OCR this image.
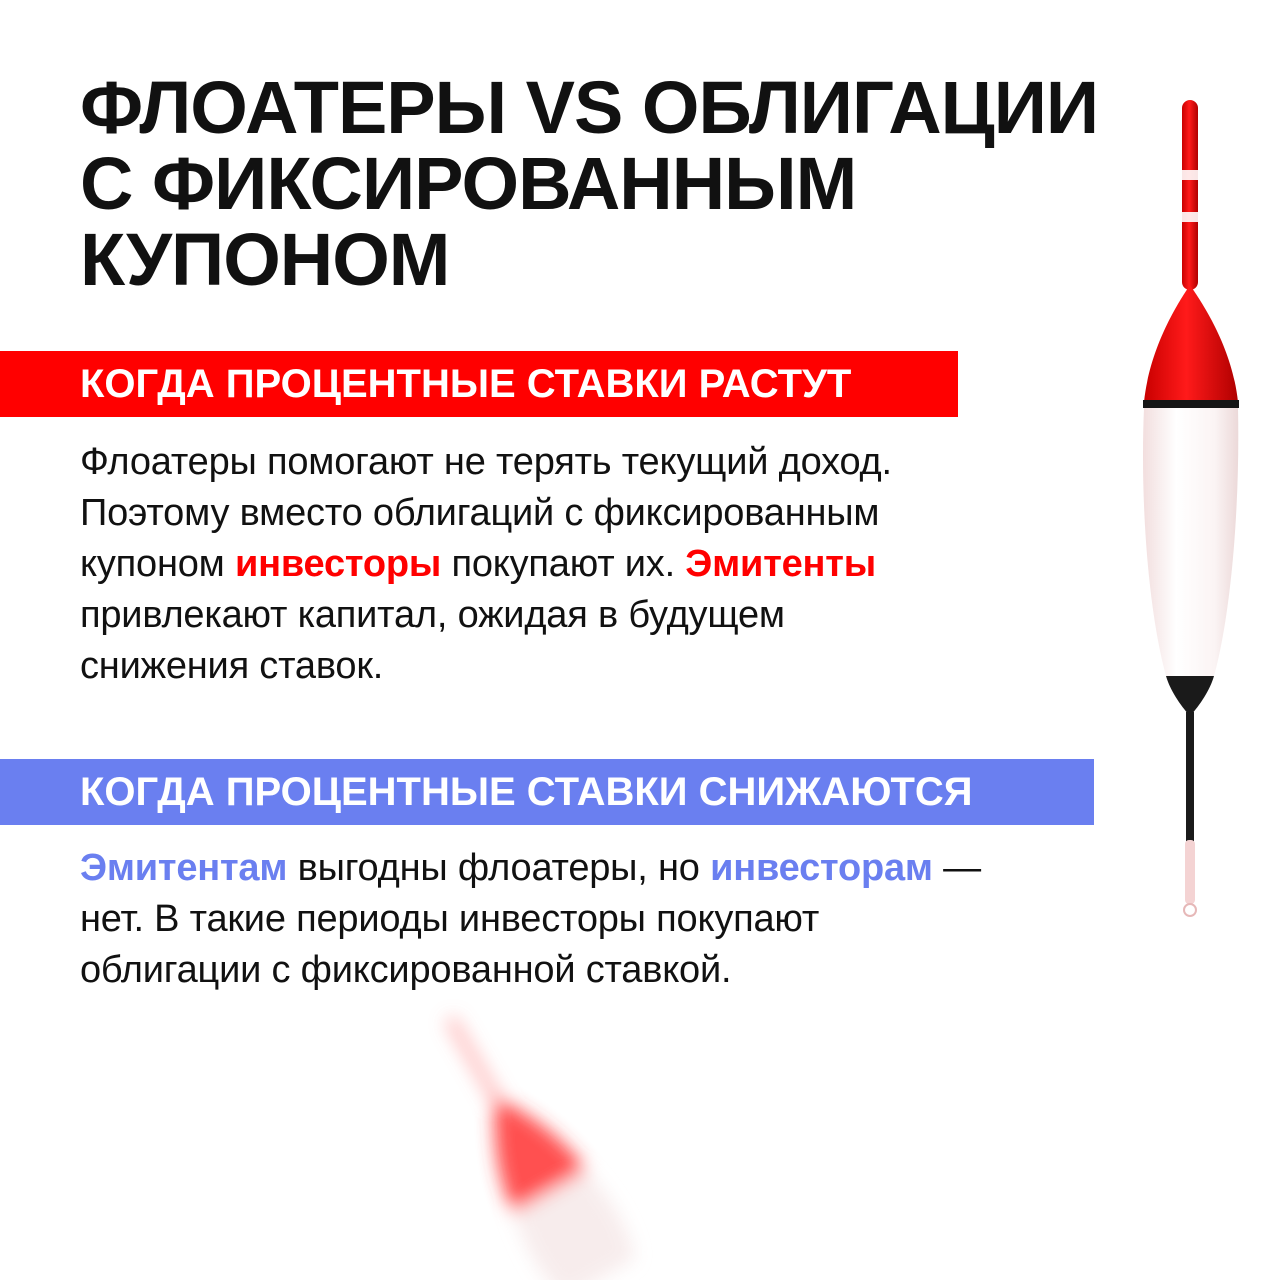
ФЛОАТЕРЫ VS ОБЛИГАЦИИ
С ФИКСИРОВАННЫМ
КУПОНОМ
КОГДА ПРОЦЕНТНЫЕ СТАВКИ РАСТУТ

Флоатеры помогают не терять текущий доход.
Поэтому вместо облигаций с фиксированным
купоном инвесторы покупают их. Эмитенты
привлекают капитал, ожидая в будущем
снижения ставок.

КОГДА ПРОЦЕНТНЫЕ СТАВКИ СНИЖАЮТСЯ

Эмитентам выгодны флоатеры, но инвесторам —
нет. В такие периоды инвесторы покупают
облигации с фиксированной ставкой.
